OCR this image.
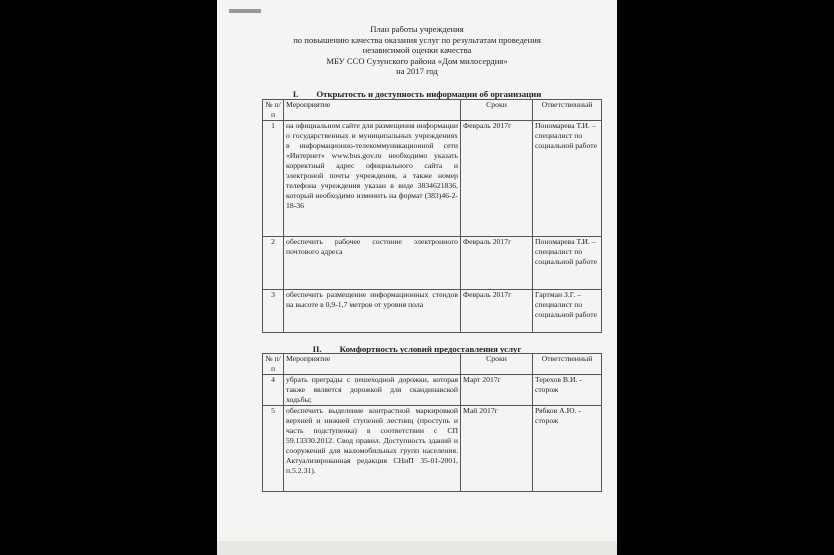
План работы учреждения
по повышению качества оказания услуг по результатам проведения
независимой оценки качества
МБУ ССО Сузунского района «Дом милосердия»
на 2017 год
I. Открытость и доступность информации об организации
№ п/п	Мероприятие	Сроки	Ответственный
1	на официальном сайте для размещения информации о государственных и муниципальных учреждениях в информационно-телекоммуникационной сети «Интернет» www.bus.gov.ru необходимо указать корректный адрес официального сайта и электроной почты учреждения, а также номер телефона учреждения указан в виде 3834621836, который необходимо изменить на формат (383)46-2-18-36	Февраль 2017г	Пономарева Т.И. – специалист по социальной работе
2	обеспечить рабочее состоние электронного почтового адреса	Февраль 2017г	Пономарева Т.И. – специалист по социальной работе
3	обеспечить размещение информационных стендов на высоте в 0,9-1,7 метров от уровня пола	Февраль 2017г	Гартман З.Г. – специалист по социальной работе
II. Комфортность условий предоставления услуг
№ п/п	Мероприятие	Сроки	Ответственный
4	убрать преграды с пешеходной дорожки, которая также является дорожкой для скандинавской ходьбы;	Март 2017г	Терехов В.И. - сторож
5	обеспечить выделение контрастной маркировкой верхней и нижней ступеней лестниц (проступь и часть подступенка) в соответствии с СП 59.13330.2012. Свод правил. Доступность зданий и сооружений для маломобильных групп населения. Актуализированная редакция СНиП 35-01-2001, п.5.2.31).	Май 2017г	Рябков А.Ю. - сторож
